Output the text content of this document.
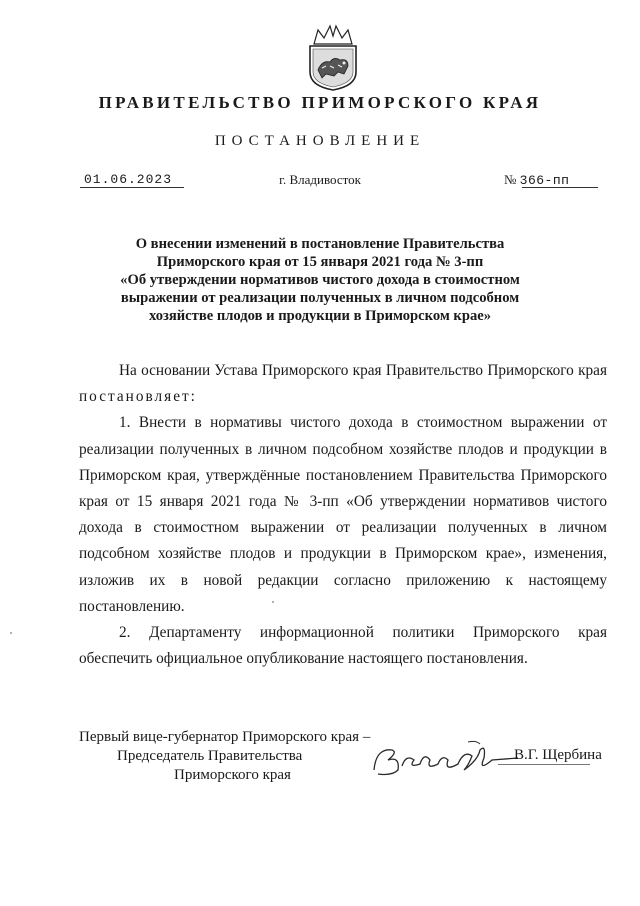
ПРАВИТЕЛЬСТВО ПРИМОРСКОГО КРАЯ
ПОСТАНОВЛЕНИЕ
01.06.2023	г. Владивосток	№ 366-пп
О внесении изменений в постановление Правительства
Приморского края от 15 января 2021 года № 3-пп
«Об утверждении нормативов чистого дохода в стоимостном
выражении от реализации полученных в личном подсобном
хозяйстве плодов и продукции в Приморском крае»

На основании Устава Приморского края Правительство Приморского края постановляет:

1. Внести в нормативы чистого дохода в стоимостном выражении от реализации полученных в личном подсобном хозяйстве плодов и продукции в Приморском края, утверждённые постановлением Правительства Приморского края от 15 января 2021 года № 3-пп «Об утверждении нормативов чистого дохода в стоимостном выражении от реализации полученных в личном подсобном хозяйстве плодов и продукции в Приморском крае», изменения, изложив их в новой редакции согласно приложению к настоящему постановлению.

2. Департаменту информационной политики Приморского края обеспечить официальное опубликование настоящего постановления.

Первый вице-губернатор Приморского края –
Председатель Правительства
Приморского края
В.Г. Щербина
